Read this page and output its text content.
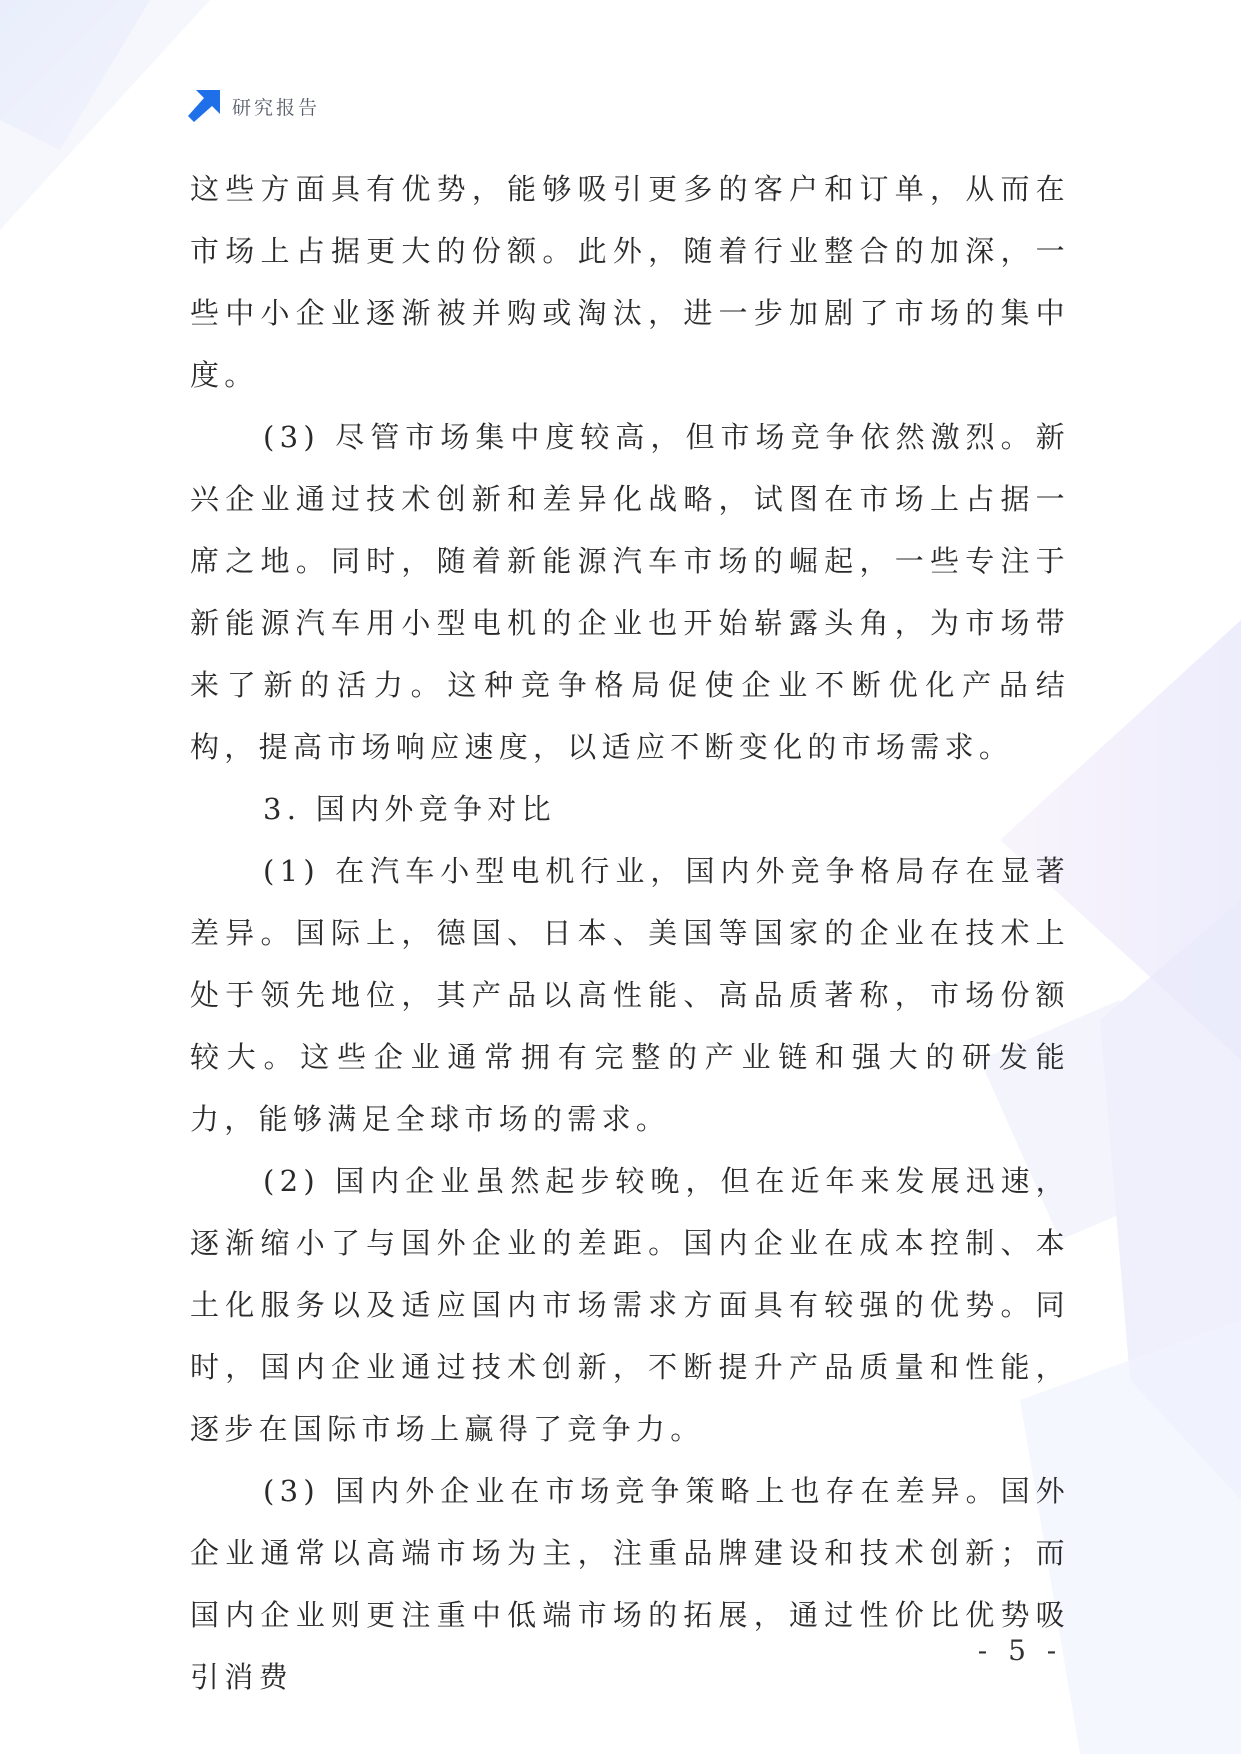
研究报告

这些方面具有优势，能够吸引更多的客户和订单，从而在市场上占据更大的份额。此外，随着行业整合的加深，一些中小企业逐渐被并购或淘汰，进一步加剧了市场的集中度。

(3) 尽管市场集中度较高，但市场竞争依然激烈。新兴企业通过技术创新和差异化战略，试图在市场上占据一席之地。同时，随着新能源汽车市场的崛起，一些专注于新能源汽车用小型电机的企业也开始崭露头角，为市场带来了新的活力。这种竞争格局促使企业不断优化产品结构，提高市场响应速度，以适应不断变化的市场需求。

3. 国内外竞争对比

(1) 在汽车小型电机行业，国内外竞争格局存在显著差异。国际上，德国、日本、美国等国家的企业在技术上处于领先地位，其产品以高性能、高品质著称，市场份额较大。这些企业通常拥有完整的产业链和强大的研发能力，能够满足全球市场的需求。

(2) 国内企业虽然起步较晚，但在近年来发展迅速，逐渐缩小了与国外企业的差距。国内企业在成本控制、本土化服务以及适应国内市场需求方面具有较强的优势。同时，国内企业通过技术创新，不断提升产品质量和性能，逐步在国际市场上赢得了竞争力。

(3) 国内外企业在市场竞争策略上也存在差异。国外企业通常以高端市场为主，注重品牌建设和技术创新；而国内企业则更注重中低端市场的拓展，通过性价比优势吸引消费

- 5 -
